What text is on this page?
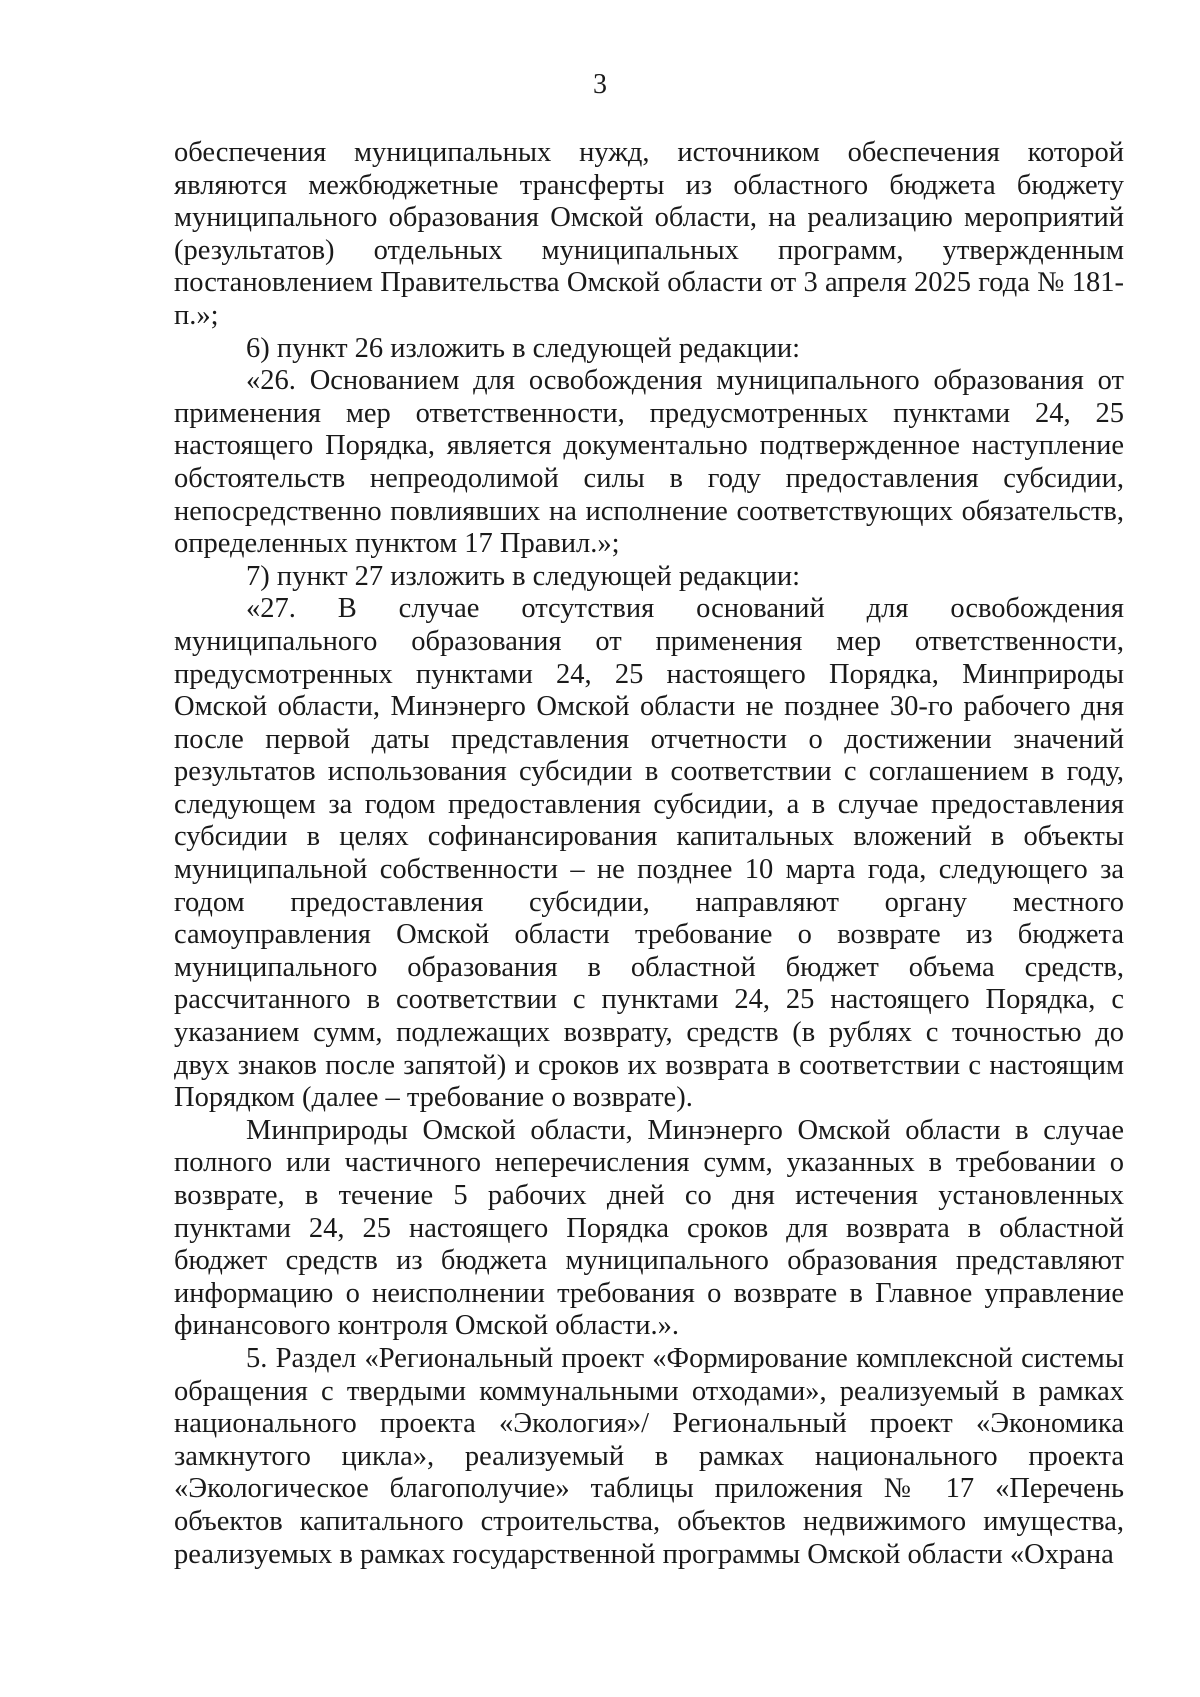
3

обеспечения муниципальных нужд, источником обеспечения которой являются межбюджетные трансферты из областного бюджета бюджету муниципального образования Омской области, на реализацию мероприятий (результатов) отдельных муниципальных программ, утвержденным постановлением Правительства Омской области от 3 апреля 2025 года № 181-п.»;

6) пункт 26 изложить в следующей редакции:

«26. Основанием для освобождения муниципального образования от применения мер ответственности, предусмотренных пунктами 24, 25 настоящего Порядка, является документально подтвержденное наступление обстоятельств непреодолимой силы в году предоставления субсидии, непосредственно повлиявших на исполнение соответствующих обязательств, определенных пунктом 17 Правил.»;

7) пункт 27 изложить в следующей редакции:

«27. В случае отсутствия оснований для освобождения муниципального образования от применения мер ответственности, предусмотренных пунктами 24, 25 настоящего Порядка, Минприроды Омской области, Минэнерго Омской области не позднее 30-го рабочего дня после первой даты представления отчетности о достижении значений результатов использования субсидии в соответствии с соглашением в году, следующем за годом предоставления субсидии, а в случае предоставления субсидии в целях софинансирования капитальных вложений в объекты муниципальной собственности – не позднее 10 марта года, следующего за годом предоставления субсидии, направляют органу местного самоуправления Омской области требование о возврате из бюджета муниципального образования в областной бюджет объема средств, рассчитанного в соответствии с пунктами 24, 25 настоящего Порядка, с указанием сумм, подлежащих возврату, средств (в рублях с точностью до двух знаков после запятой) и сроков их возврата в соответствии с настоящим Порядком (далее – требование о возврате).

Минприроды Омской области, Минэнерго Омской области в случае полного или частичного неперечисления сумм, указанных в требовании о возврате, в течение 5 рабочих дней со дня истечения установленных пунктами 24, 25 настоящего Порядка сроков для возврата в областной бюджет средств из бюджета муниципального образования представляют информацию о неисполнении требования о возврате в Главное управление финансового контроля Омской области.».

5. Раздел «Региональный проект «Формирование комплексной системы обращения с твердыми коммунальными отходами», реализуемый в рамках национального проекта «Экология»/ Региональный проект «Экономика замкнутого цикла», реализуемый в рамках национального проекта «Экологическое благополучие» таблицы приложения № 17 «Перечень объектов капитального строительства, объектов недвижимого имущества, реализуемых в рамках государственной программы Омской области «Охрана
